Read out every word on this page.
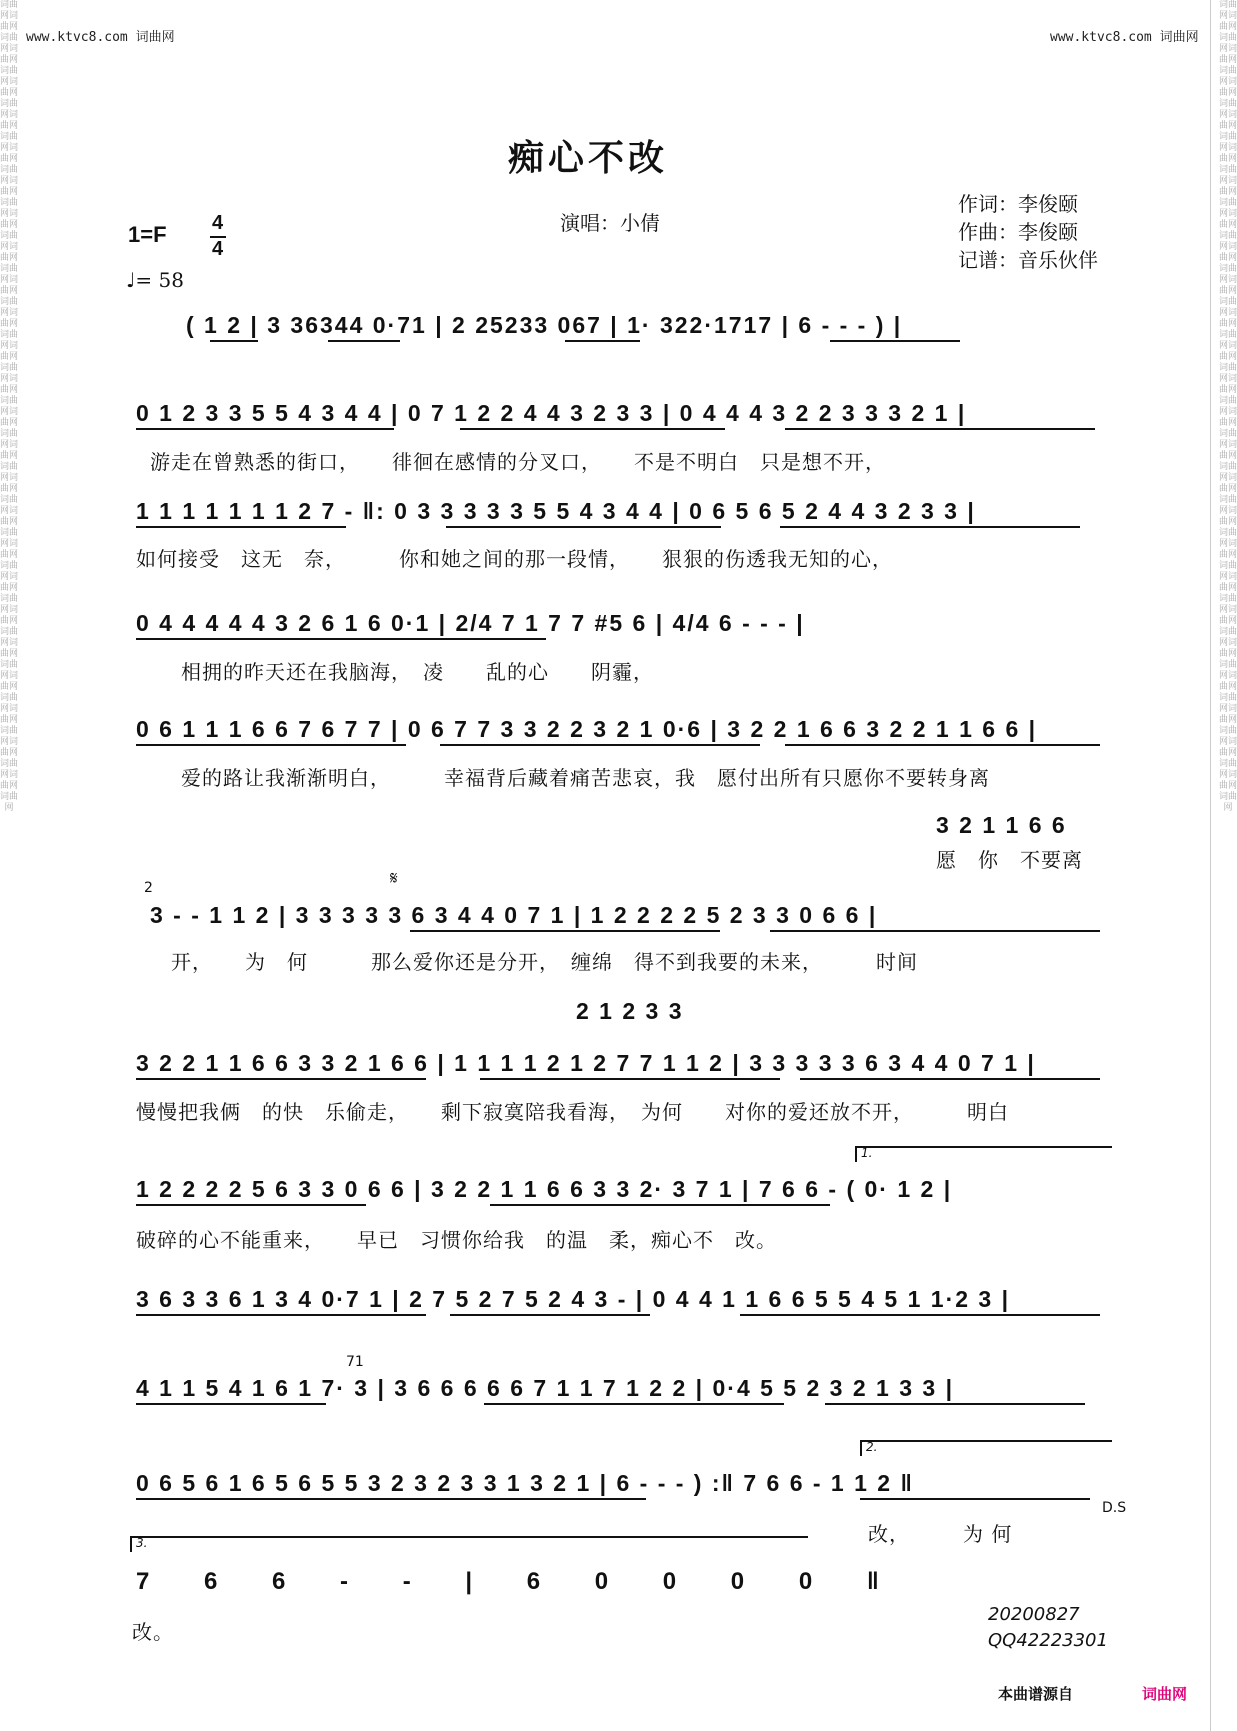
词曲网词曲网词曲网词曲网词曲网词曲网词曲网词曲网词曲网词曲网词曲网词曲网词曲网词曲网词曲网词曲网词曲网词曲网词曲网词曲网词曲网词曲网词曲网词曲网词曲网词曲网词曲网词曲网词曲网词曲网词曲网词曲网词曲网词曲网词曲网词曲网词曲网词曲网词曲网词曲网词曲网词曲网词曲网词曲网词曲网词曲网词曲网词曲网词曲网
词曲网词曲网词曲网词曲网词曲网词曲网词曲网词曲网词曲网词曲网词曲网词曲网词曲网词曲网词曲网词曲网词曲网词曲网词曲网词曲网词曲网词曲网词曲网词曲网词曲网词曲网词曲网词曲网词曲网词曲网词曲网词曲网词曲网词曲网词曲网词曲网词曲网词曲网词曲网词曲网词曲网词曲网词曲网词曲网词曲网词曲网词曲网词曲网词曲网
www.ktvc8.com 词曲网	www.ktvc8.com 词曲网
痴心不改
演唱：小倩
作词：李俊颐
作曲：李俊颐
记谱：音乐伙伴
1=F 4
4
♩= 58
( 1 2 | 3 36344 0·71 | 2 25233 067 | 1· 322·1717 | 6 - - - ) |
0 1 2 3 3 5 5 4 3 4 4 | 0 7 1 2 2 4 4 3 2 3 3 | 0 4 4 4 3 2 2 3 3 3 2 1 |
游走在曾熟悉的街口，　　徘徊在感情的分叉口，　　不是不明白　只是想不开，
1 1 1 1 1 1 1 2 7 - ‖: 0 3 3 3 3 3 5 5 4 3 4 4 | 0 6 5 6 5 2 4 4 3 2 3 3 |
如何接受　这无　奈，　　　你和她之间的那一段情，　　狠狠的伤透我无知的心，
0 4 4 4 4 4 3 2 6 1 6 0·1 | 2/4 7 1 7 7 #5 6 | 4/4 6 - - - |
　相拥的昨天还在我脑海，　凌　　乱的心　　阴霾，
0 6 1 1 1 6 6 7 6 7 7 | 0 6 7 7 3 3 2 2 3 2 1 0·6 | 3 2 2 1 6 6 3 2 2 1 1 6 6 |
　爱的路让我渐渐明白，　　　幸福背后藏着痛苦悲哀，我　愿付出所有只愿你不要转身离
3 2 1 1 6 6
愿　你　不要离
2	𝄋
3 - - 1 1 2 | 3 3 3 3 3 6 3 4 4 0 7 1 | 1 2 2 2 2 5 2 3 3 0 6 6 |
　开，　　为　何　　　那么爱你还是分开，　缠绵　得不到我要的未来，　　　时间
2 1 2 3 3
3 2 2 1 1 6 6 3 3 2 1 6 6 | 1 1 1 1 2 1 2 7 7 1 1 2 | 3 3 3 3 3 6 3 4 4 0 7 1 |
慢慢把我俩　的快　乐偷走，　　剩下寂寞陪我看海，　为何　　对你的爱还放不开，　　　明白
1.
1 2 2 2 2 5 6 3 3 0 6 6 | 3 2 2 1 1 6 6 3 3 2· 3 7 1 | 7 6 6 - ( 0· 1 2 |
破碎的心不能重来，　　早已　习惯你给我　的温　柔，痴心不　改。
3 6 3 3 6 1 3 4 0·7 1 | 2 7 5 2 7 5 2 4 3 - | 0 4 4 1 1 6 6 5 5 4 5 1 1·2 3 |
71
4 1 1 5 4 1 6 1 7· 3 | 3 6 6 6 6 6 7 1 1 7 1 2 2 | 0·4 5 5 2 3 2 1 3 3 |
2.
0 6 5 6 1 6 5 6 5 5 3 2 3 2 3 3 1 3 2 1 | 6 - - - ) :‖ 7 6 6 - 1 1 2 ‖
D.S
改，　　　为 何
3.
7 6 6 - - | 6 0 0 0 0 ‖
改。
20200827
QQ42223301
本曲谱源自	词曲网
